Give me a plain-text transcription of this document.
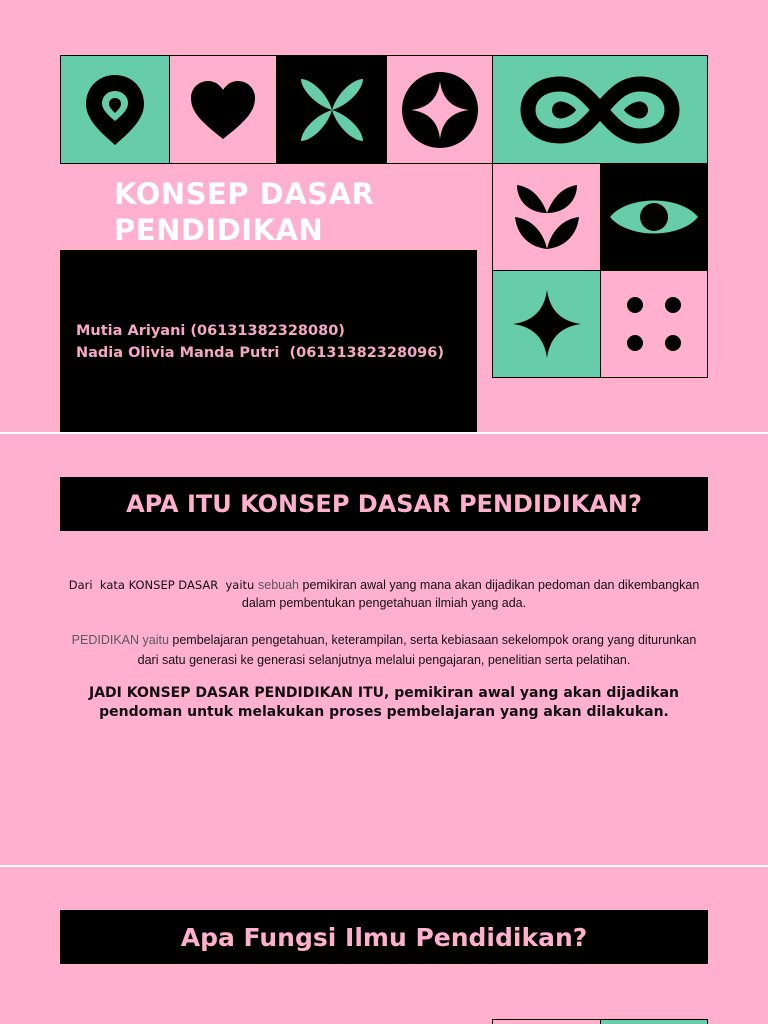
KONSEP DASAR
PENDIDIKAN
Mutia Ariyani (06131382328080)
Nadia Olivia Manda Putri  (06131382328096)
APA ITU KONSEP DASAR PENDIDIKAN?
Dari  kata KONSEP DASAR  yaitu sebuah pemikiran awal yang mana akan dijadikan pedoman dan dikembangkan dalam pembentukan pengetahuan ilmiah yang ada.
PEDIDIKAN yaitu pembelajaran pengetahuan, keterampilan, serta kebiasaan sekelompok orang yang diturunkan dari satu generasi ke generasi selanjutnya melalui pengajaran, penelitian serta pelatihan.
JADI KONSEP DASAR PENDIDIKAN ITU, pemikiran awal yang akan dijadikan pendoman untuk melakukan proses pembelajaran yang akan dilakukan.
Apa Fungsi Ilmu Pendidikan?
